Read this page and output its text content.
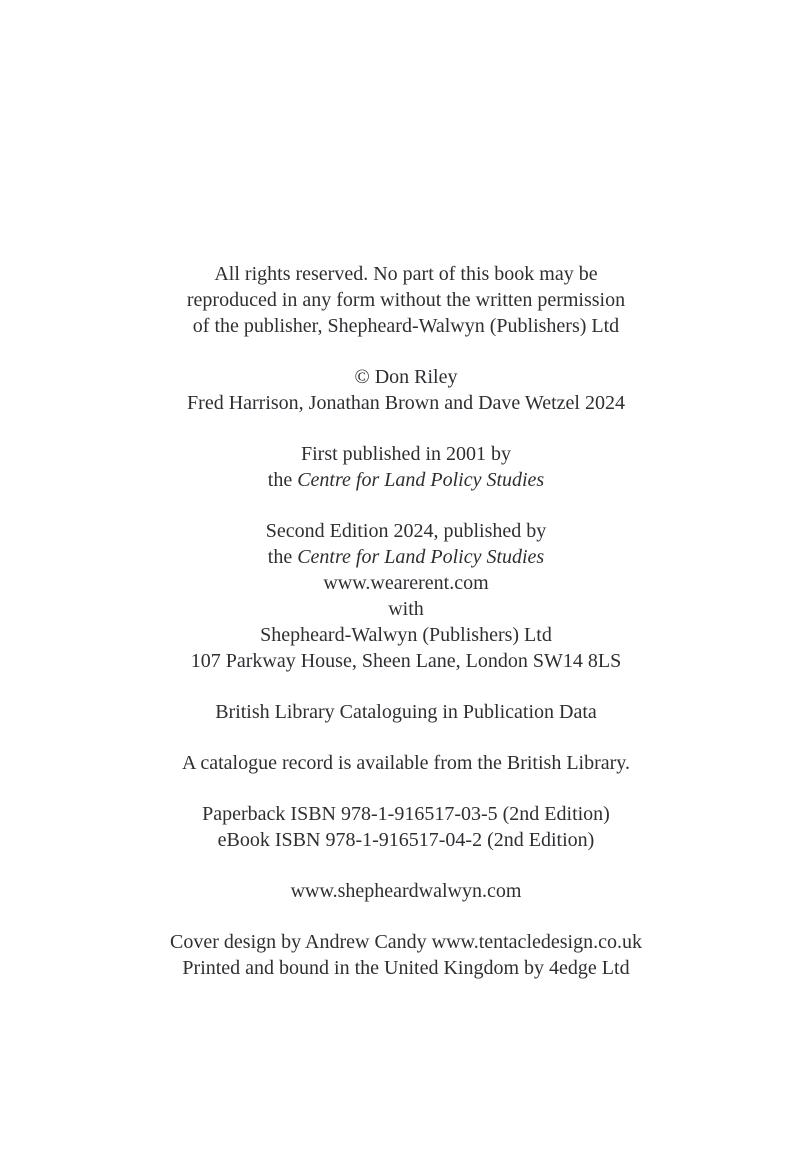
All rights reserved. No part of this book may be
reproduced in any form without the written permission
of the publisher, Shepheard-Walwyn (Publishers) Ltd

© Don Riley
Fred Harrison, Jonathan Brown and Dave Wetzel 2024

First published in 2001 by
the Centre for Land Policy Studies

Second Edition 2024, published by
the Centre for Land Policy Studies
www.wearerent.com
with
Shepheard-Walwyn (Publishers) Ltd
107 Parkway House, Sheen Lane, London SW14 8LS

British Library Cataloguing in Publication Data

A catalogue record is available from the British Library.

Paperback ISBN 978-1-916517-03-5 (2nd Edition)
eBook ISBN 978-1-916517-04-2 (2nd Edition)

www.shepheardwalwyn.com

Cover design by Andrew Candy www.tentacledesign.co.uk
Printed and bound in the United Kingdom by 4edge Ltd
